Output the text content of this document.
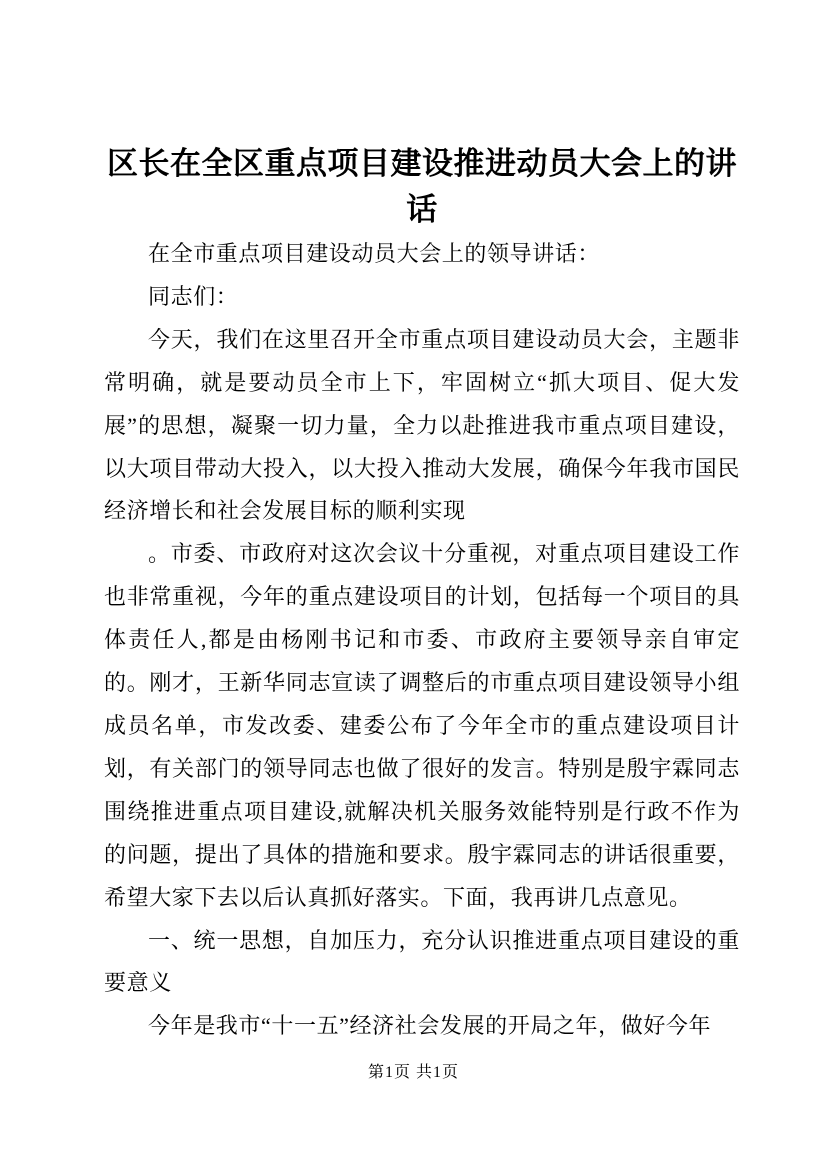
区长在全区重点项目建设推进动员大会上的讲话

在全市重点项目建设动员大会上的领导讲话：

同志们：

今天，我们在这里召开全市重点项目建设动员大会，主题非常明确，就是要动员全市上下，牢固树立“抓大项目、促大发展”的思想，凝聚一切力量，全力以赴推进我市重点项目建设，以大项目带动大投入，以大投入推动大发展，确保今年我市国民经济增长和社会发展目标的顺利实现

。市委、市政府对这次会议十分重视，对重点项目建设工作也非常重视，今年的重点建设项目的计划，包括每一个项目的具体责任人,都是由杨刚书记和市委、市政府主要领导亲自审定的。刚才，王新华同志宣读了调整后的市重点项目建设领导小组成员名单，市发改委、建委公布了今年全市的重点建设项目计划，有关部门的领导同志也做了很好的发言。特别是殷宇霖同志围绕推进重点项目建设,就解决机关服务效能特别是行政不作为的问题，提出了具体的措施和要求。殷宇霖同志的讲话很重要，希望大家下去以后认真抓好落实。下面，我再讲几点意见。

一、统一思想，自加压力，充分认识推进重点项目建设的重要意义

今年是我市“十一五”经济社会发展的开局之年，做好今年

第1页 共1页
